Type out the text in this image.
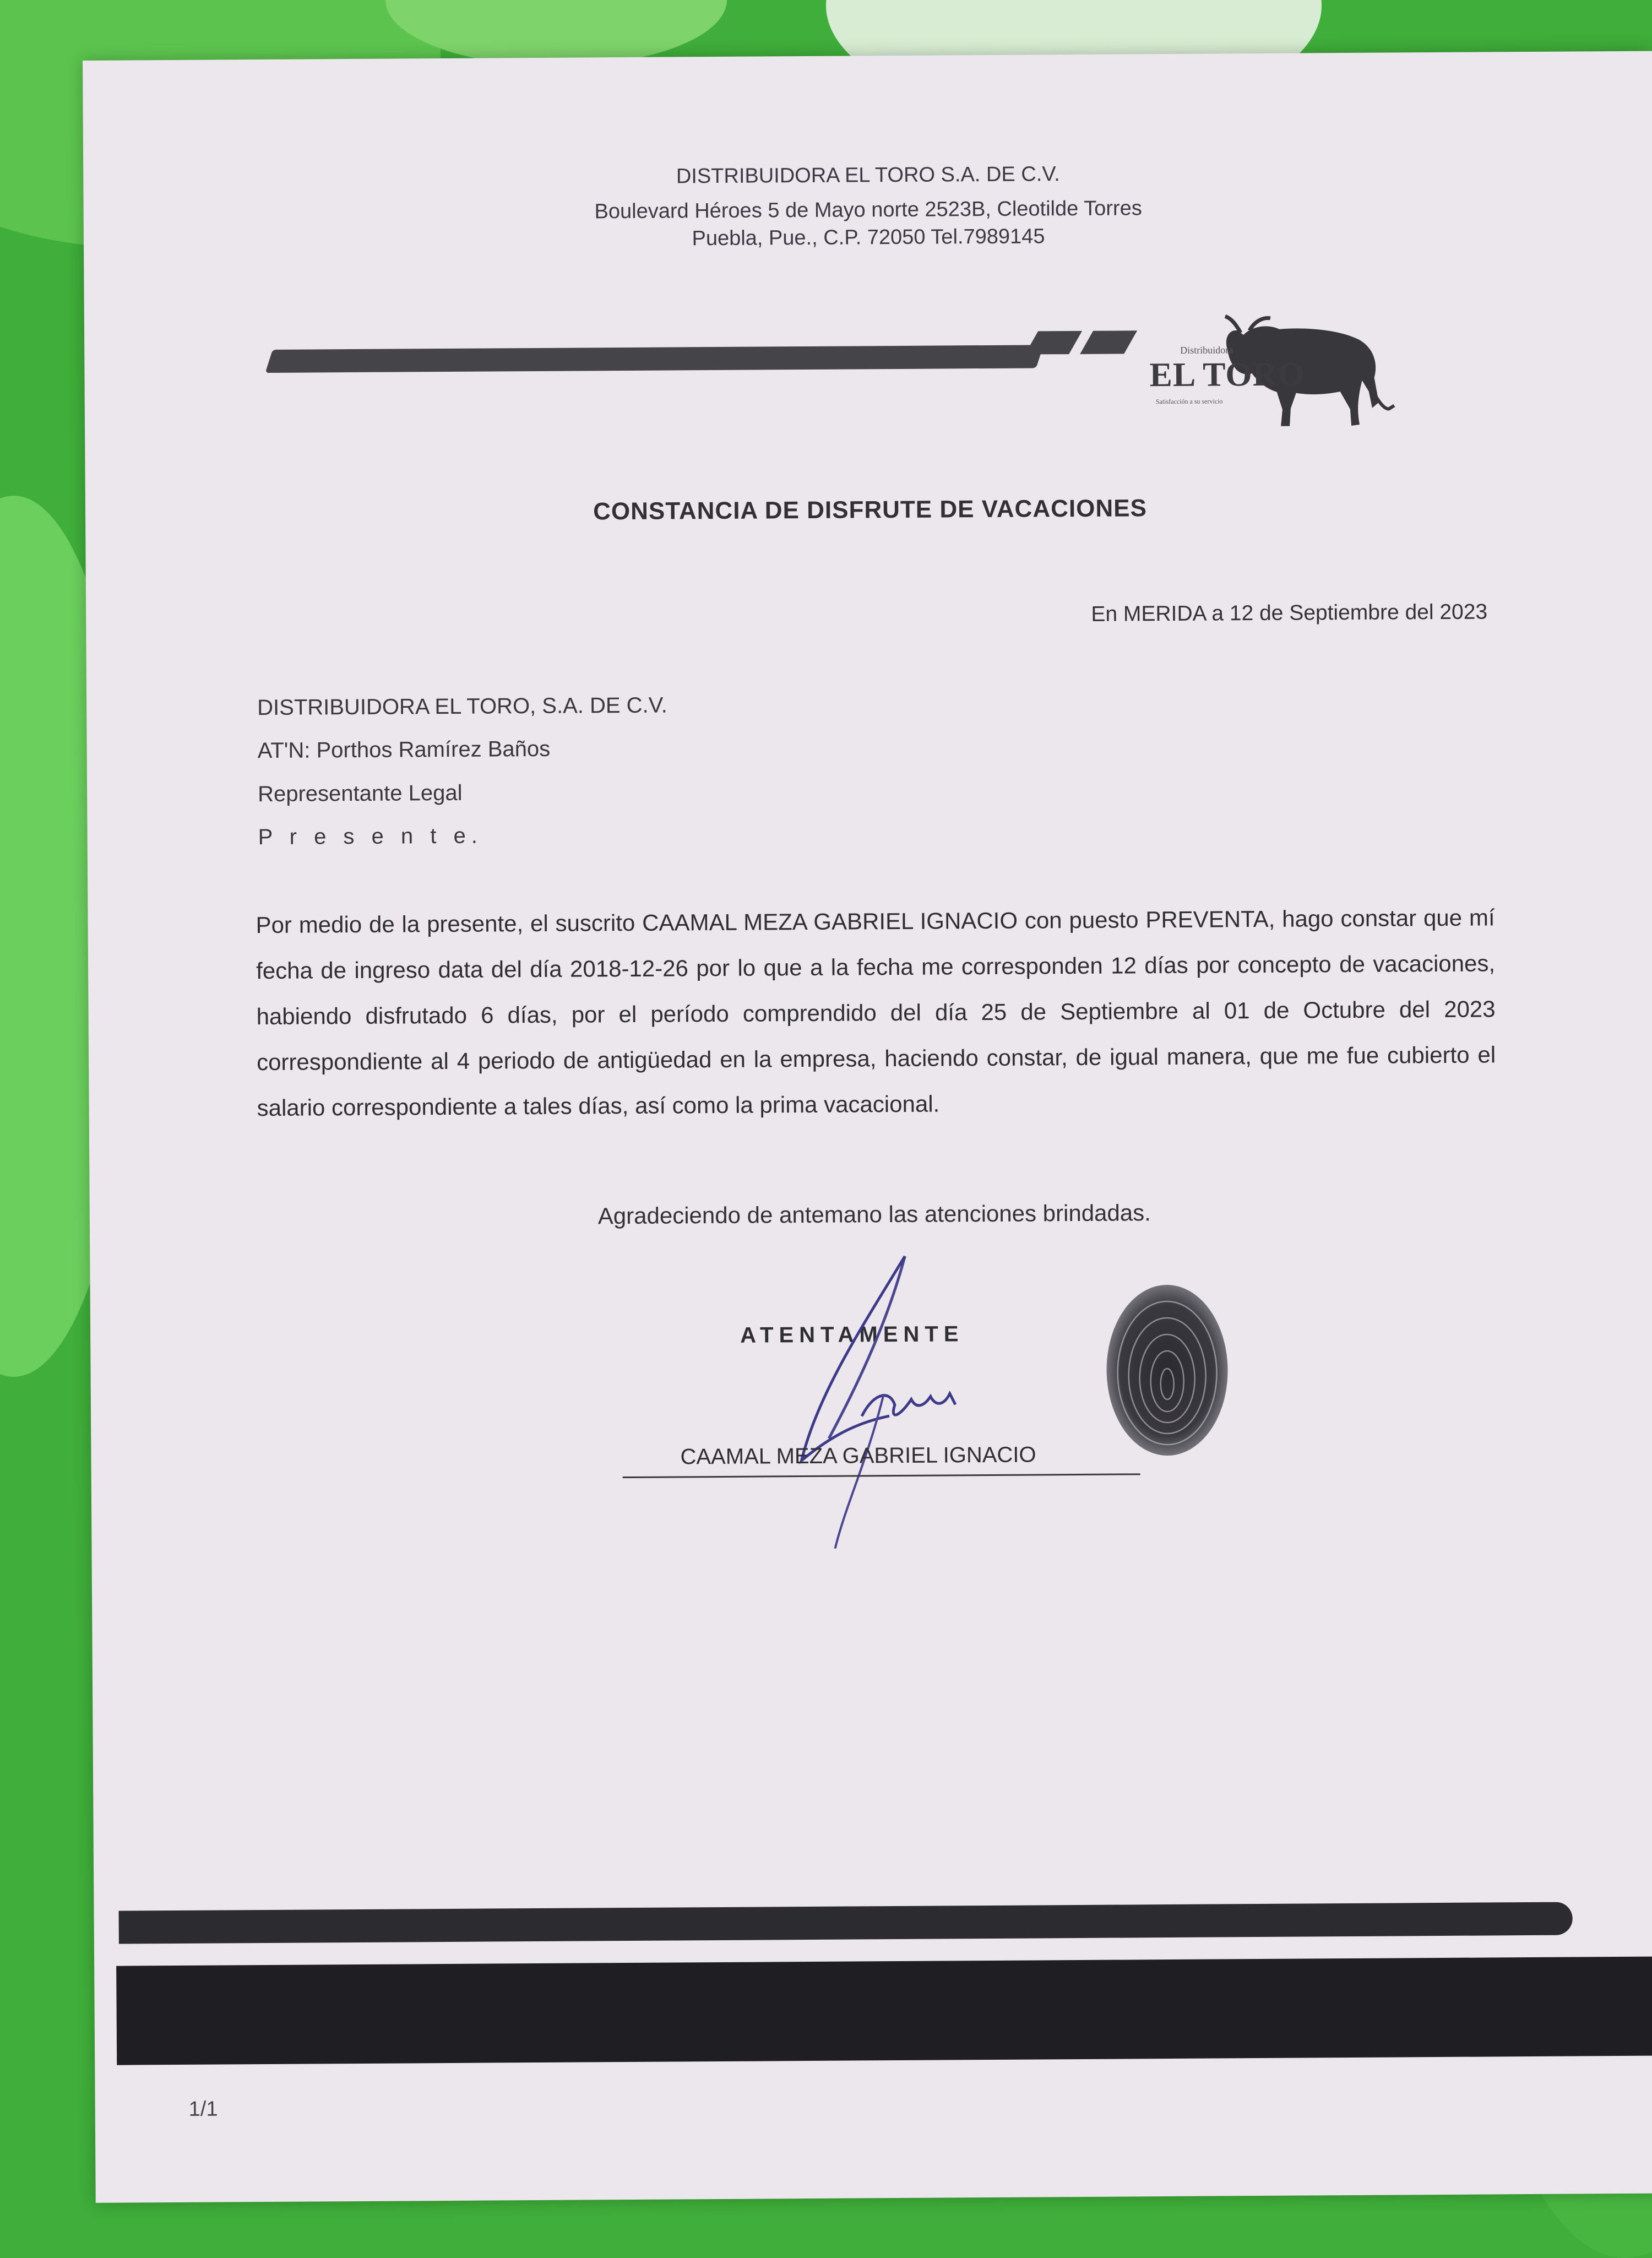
DISTRIBUIDORA EL TORO S.A. DE C.V.
Boulevard Héroes 5 de Mayo norte 2523B, Cleotilde Torres
Puebla, Pue., C.P. 72050 Tel.7989145
Distribuidora
EL TORO
Satisfacción a su servicio
CONSTANCIA DE DISFRUTE DE VACACIONES
En MERIDA a 12 de Septiembre del 2023
DISTRIBUIDORA EL TORO, S.A. DE C.V.
AT'N: Porthos Ramírez Baños
Representante Legal
P r e s e n t e.

Por medio de la presente, el suscrito CAAMAL MEZA GABRIEL IGNACIO con puesto PREVENTA, hago constar que mí fecha de ingreso data del día 2018-12-26 por lo que a la fecha me corresponden 12 días por concepto de vacaciones, habiendo disfrutado 6 días, por el período comprendido del día 25 de Septiembre al 01 de Octubre del 2023 correspondiente al 4 periodo de antigüedad en la empresa, haciendo constar, de igual manera, que me fue cubierto el salario correspondiente a tales días, así como la prima vacacional.

Agradeciendo de antemano las atenciones brindadas.
ATENTAMENTE
CAAMAL MEZA GABRIEL IGNACIO
1/1
